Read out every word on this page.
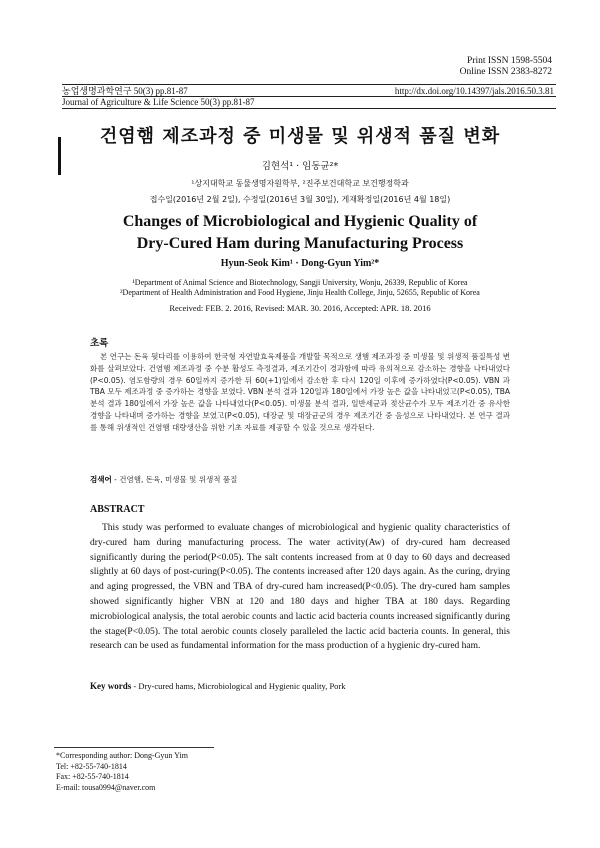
Print ISSN 1598-5504
Online ISSN 2383-8272
농업생명과학연구 50(3) pp.81-87
Journal of Agriculture & Life Science 50(3) pp.81-87
http://dx.doi.org/10.14397/jals.2016.50.3.81
건염햄 제조과정 중 미생물 및 위생적 품질 변화
김현석¹ · 임동균²*
¹상지대학교 동물생명자원학부, ²진주보건대학교 보건행정학과
접수일(2016년 2월 2일), 수정일(2016년 3월 30일), 게재확정일(2016년 4월 18일)
Changes of Microbiological and Hygienic Quality of
Dry-Cured Ham during Manufacturing Process
Hyun-Seok Kim¹ · Dong-Gyun Yim²*
¹Department of Animal Science and Biotechnology, Sangji University, Wonju, 26339, Republic of Korea
²Department of Health Administration and Food Hygiene, Jinju Health College, Jinju, 52655, Republic of Korea
Received: FEB. 2. 2016, Revised: MAR. 30. 2016, Accepted: APR. 18. 2016
초록
본 연구는 돈육 뒷다리를 이용하여 한국형 자연발효육제품을 개발할 목적으로 생햄 제조과정 중 미생물 및 위생적 품질특성 변화를 살펴보았다. 건염햄 제조과정 중 수분 활성도 측정결과, 제조기간이 경과함에 따라 유의적으로 감소하는 경향을 나타내었다(P<0.05). 염도함량의 경우 60일까지 증가한 뒤 60(+1)일에서 감소한 후 다시 120일 이후에 증가하였다(P<0.05). VBN 과 TBA 모두 제조과정 중 증가하는 경향을 보였다. VBN 분석 결과 120일과 180일에서 가장 높은 값을 나타내었고(P<0.05), TBA 분석 결과 180일에서 가장 높은 값을 나타내었다(P<0.05). 미생물 분석 결과, 일반세균과 젖산균수가 모두 제조기간 중 유사한 경향을 나타내며 증가하는 경향을 보였고(P<0.05), 대장균 및 대장균군의 경우 제조기간 중 음성으로 나타내었다. 본 연구 결과를 통해 위생적인 건염햄 대량생산을 위한 기초 자료를 제공할 수 있을 것으로 생각된다.
검색어 - 건염햄, 돈육, 미생물 및 위생적 품질
ABSTRACT
This study was performed to evaluate changes of microbiological and hygienic quality characteristics of dry-cured ham during manufacturing process. The water activity(Aw) of dry-cured ham decreased significantly during the period(P<0.05). The salt contents increased from at 0 day to 60 days and decreased slightly at 60 days of post-curing(P<0.05). The contents increased after 120 days again. As the curing, drying and aging progressed, the VBN and TBA of dry-cured ham increased(P<0.05). The dry-cured ham samples showed significantly higher VBN at 120 and 180 days and higher TBA at 180 days. Regarding microbiological analysis, the total aerobic counts and lactic acid bacteria counts increased significantly during the stage(P<0.05). The total aerobic counts closely paralleled the lactic acid bacteria counts. In general, this research can be used as fundamental information for the mass production of a hygienic dry-cured ham.
Key words - Dry-cured hams, Microbiological and Hygienic quality, Pork
*Corresponding author: Dong-Gyun Yim
Tel: +82-55-740-1814
Fax: +82-55-740-1814
E-mail: tousa0994@naver.com
